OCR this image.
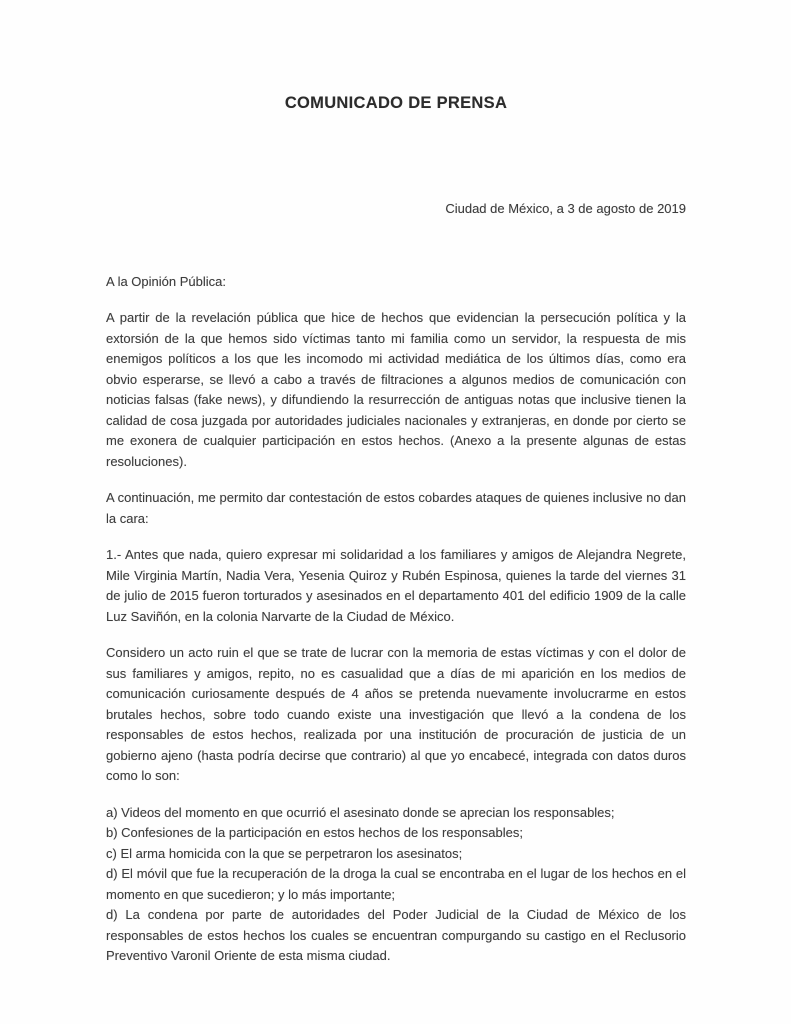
COMUNICADO DE PRENSA

Ciudad de México, a 3 de agosto de 2019

A la Opinión Pública:

A partir de la revelación pública que hice de hechos que evidencian la persecución política y la extorsión de la que hemos sido víctimas tanto mi familia como un servidor, la respuesta de mis enemigos políticos a los que les incomodo mi actividad mediática de los últimos días, como era obvio esperarse, se llevó a cabo a través de filtraciones a algunos medios de comunicación con noticias falsas (fake news), y difundiendo la resurrección de antiguas notas que inclusive tienen la calidad de cosa juzgada por autoridades judiciales nacionales y extranjeras, en donde por cierto se me exonera de cualquier participación en estos hechos. (Anexo a la presente algunas de estas resoluciones).

A continuación, me permito dar contestación de estos cobardes ataques de quienes inclusive no dan la cara:

1.- Antes que nada, quiero expresar mi solidaridad a los familiares y amigos de Alejandra Negrete, Mile Virginia Martín, Nadia Vera, Yesenia Quiroz y Rubén Espinosa, quienes la tarde del viernes 31 de julio de 2015 fueron torturados y asesinados en el departamento 401 del edificio 1909 de la calle Luz Saviñón, en la colonia Narvarte de la Ciudad de México.

Considero un acto ruin el que se trate de lucrar con la memoria de estas víctimas y con el dolor de sus familiares y amigos, repito, no es casualidad que a días de mi aparición en los medios de comunicación curiosamente después de 4 años se pretenda nuevamente involucrarme en estos brutales hechos, sobre todo cuando existe una investigación que llevó a la condena de los responsables de estos hechos, realizada por una institución de procuración de justicia de un gobierno ajeno (hasta podría decirse que contrario) al que yo encabecé, integrada con datos duros como lo son:

a) Videos del momento en que ocurrió el asesinato donde se aprecian los responsables;

b) Confesiones de la participación en estos hechos de los responsables;

c) El arma homicida con la que se perpetraron los asesinatos;

d) El móvil que fue la recuperación de la droga la cual se encontraba en el lugar de los hechos en el momento en que sucedieron; y lo más importante;

d) La condena por parte de autoridades del Poder Judicial de la Ciudad de México de los responsables de estos hechos los cuales se encuentran compurgando su castigo en el Reclusorio Preventivo Varonil Oriente de esta misma ciudad.
